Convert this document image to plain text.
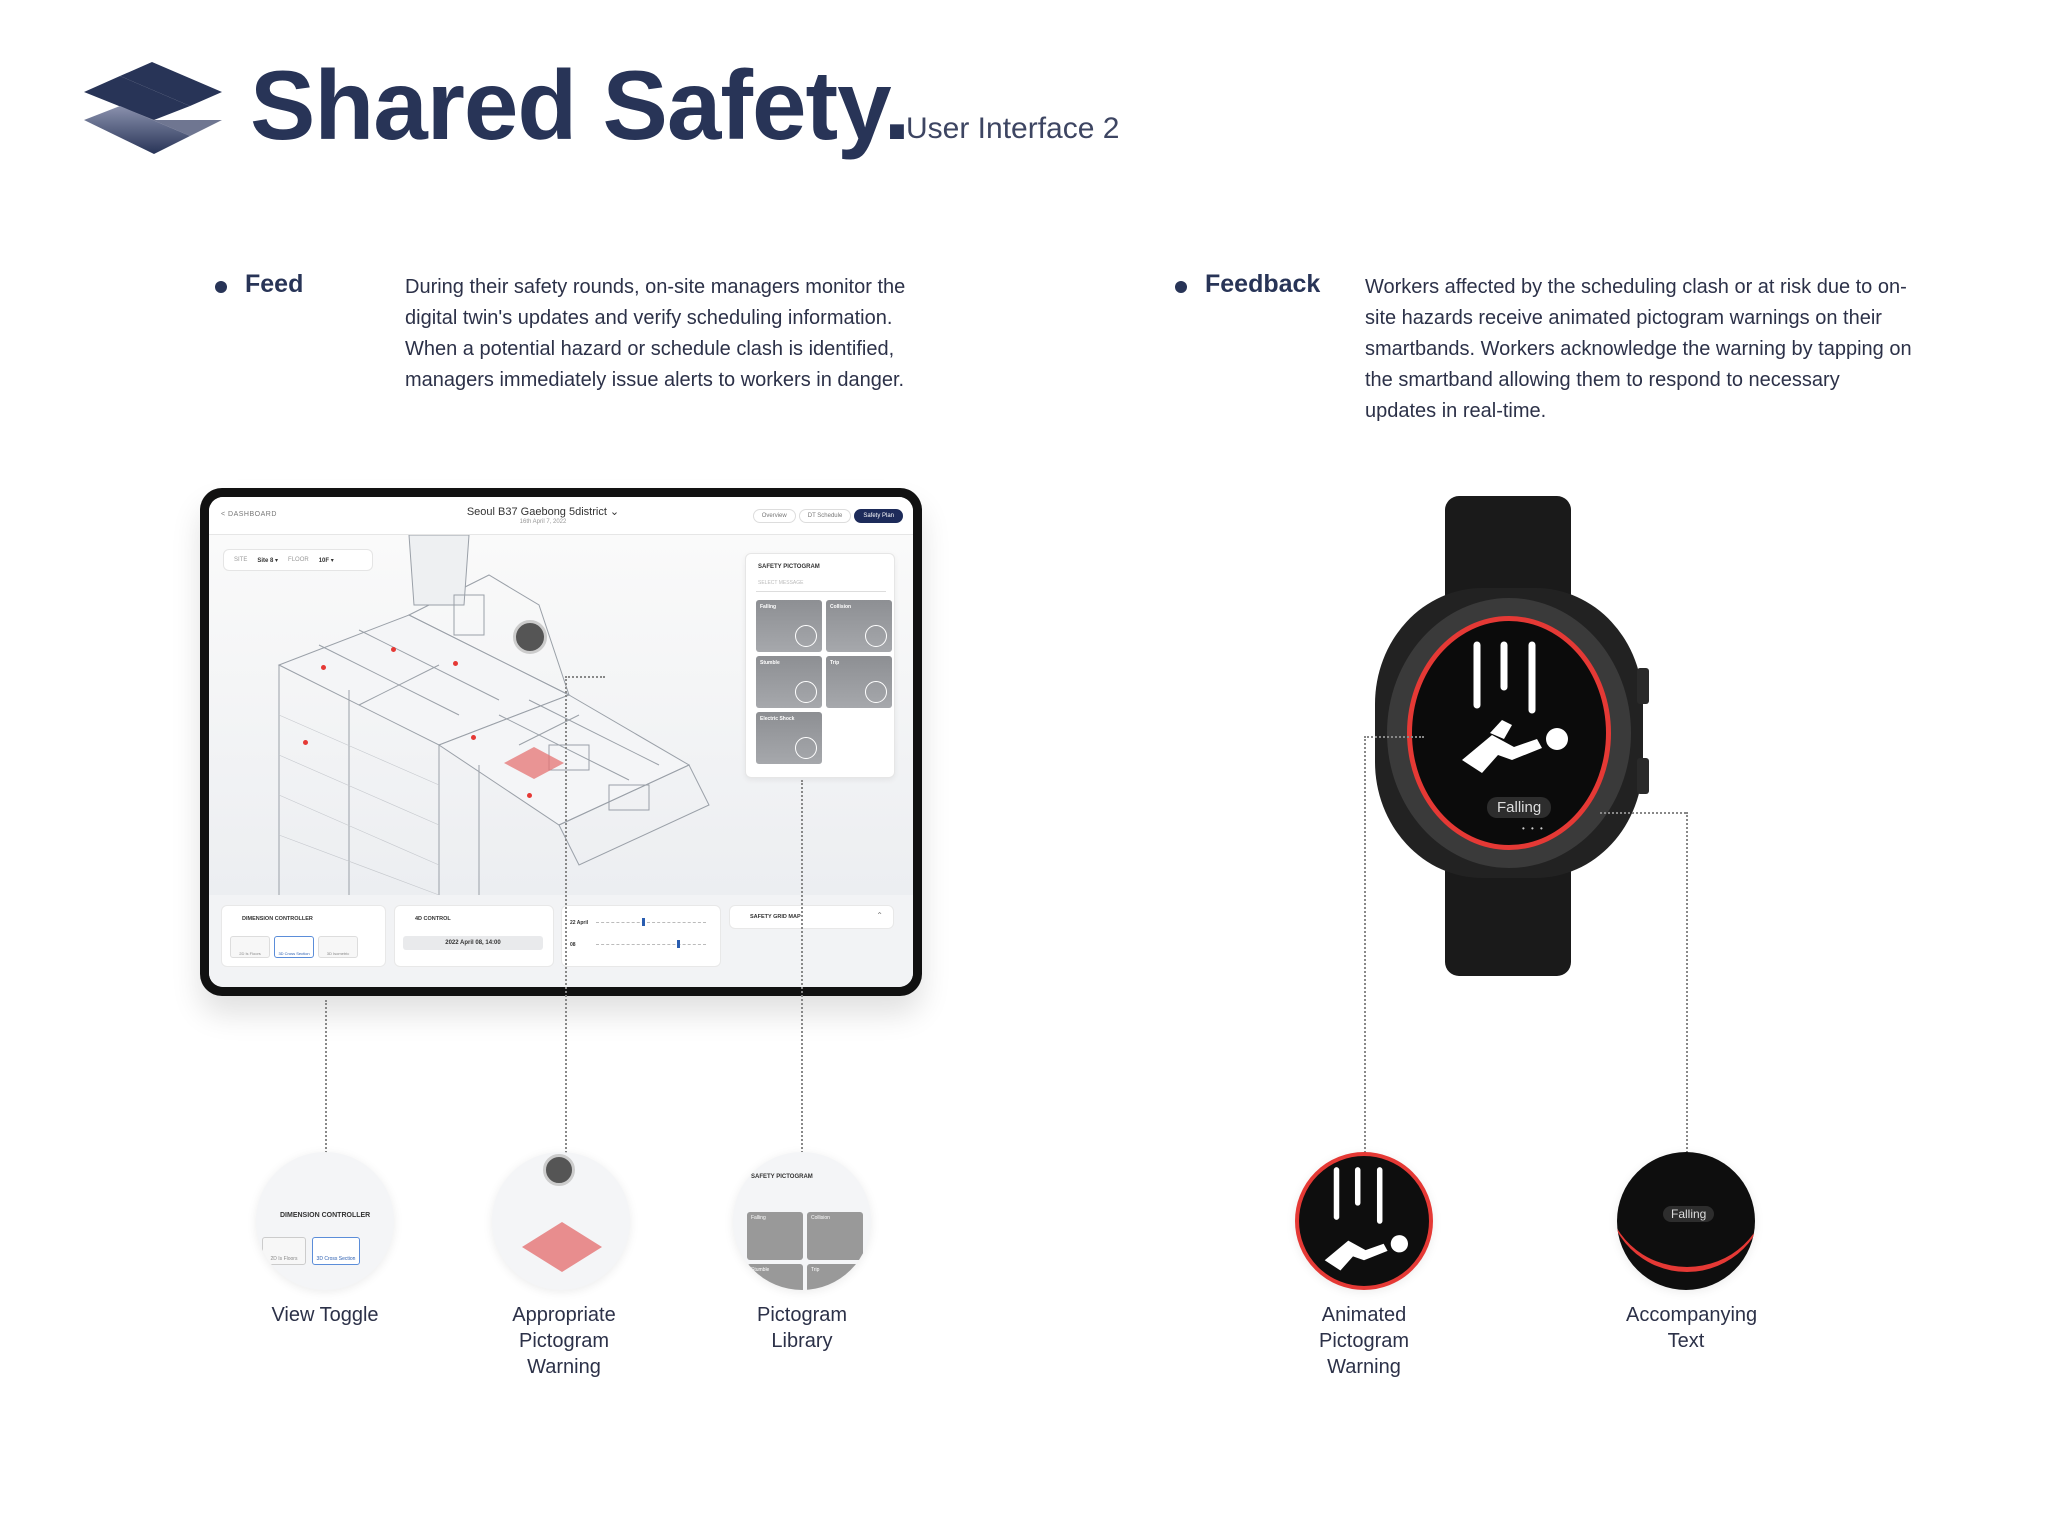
Shared Safety.
User Interface 2
Feed	During their safety rounds, on-site managers monitor the digital twin's updates and verify scheduling information. When a potential hazard or schedule clash is identified, managers immediately issue alerts to workers in danger.
Feedback Workers affected by the scheduling clash or at risk due to on-site hazards receive animated pictogram warnings on their smartbands. Workers acknowledge the warning by tapping on the smartband allowing them to respond to necessary updates in real-time.
< DASHBOARD	Seoul B37 Gaebong 5district ⌄
16th April 7, 2022
Overview	DT Schedule	Safety Plan
SITE Site 8 ▾ FLOOR 10F ▾
SAFETY PICTOGRAM
SELECT MESSAGE
Falling	Collision
Stumble	Trip
Electric Shock
DIMENSION CONTROLLER
2D Is Floors	3D Cross Section	3D Isometric
4D CONTROL
2022 April 08, 14:00
22 April
08
SAFETY GRID MAP	⌃
Falling
• • •
DIMENSION CONTROLLER
2D Is Floors	3D Cross Section
SAFETY PICTOGRAM
Falling	Collision
Stumble	Trip
Falling
View Toggle	Appropriate Pictogram Warning
Pictogram Library
Animated Pictogram Warning
Accompanying Text
